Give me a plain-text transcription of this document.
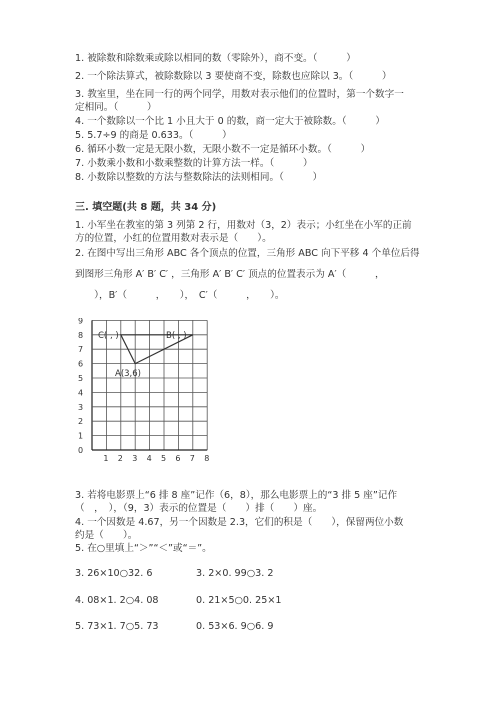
1. 被除数和除数乘或除以相同的数（零除外），商不变。（　　　）
2. 一个除法算式，被除数除以 3 要使商不变，除数也应除以 3。（　　　）
3. 教室里，坐在同一行的两个同学，用数对表示他们的位置时，第一个数字一
定相同。（　　　）
4. 一个数除以一个比 1 小且大于 0 的数，商一定大于被除数。（　　　）
5. 5.7÷9 的商是 0.633。（　　　）
6. 循环小数一定是无限小数，无限小数不一定是循环小数。（　　　）
7. 小数乘小数和小数乘整数的计算方法一样。（　　　）
8. 小数除以整数的方法与整数除法的法则相同。（　　　）
三. 填空题(共 8 题，共 34 分)
1. 小军坐在教室的第 3 列第 2 行，用数对（3，2）表示；小红坐在小军的正前
方的位置，小红的位置用数对表示是（　　）。
2. 在图中写出三角形 ABC 各个顶点的位置，三角形 ABC 向下平移 4 个单位后得
到图形三角形 A′ B′ C′ ，三角形 A′ B′ C′ 顶点的位置表示为 A′（　　　，
　　），B′（　　　，　　），　C′（　　　，　　）。
1 2 3 4 5 6 7 8
0
1
2
3
4
5
6
7
8
9
C( , )	B( , )
A(3,6)
3. 若将电影票上“6 排 8 座”记作（6，8），那么电影票上的“3 排 5 座”记作
（　，　），（9，3）表示的位置是（　　）排（　　）座。
4. 一个因数是 4.67，另一个因数是 2.3，它们的积是（　　），保留两位小数
约是（　　）。
5. 在○里填上“＞”“＜”或“＝”。
3. 26×10○32. 6	3. 2×0. 99○3. 2
4. 08×1. 2○4. 08	0. 21×5○0. 25×1
5. 73×1. 7○5. 73	0. 53×6. 9○6. 9
